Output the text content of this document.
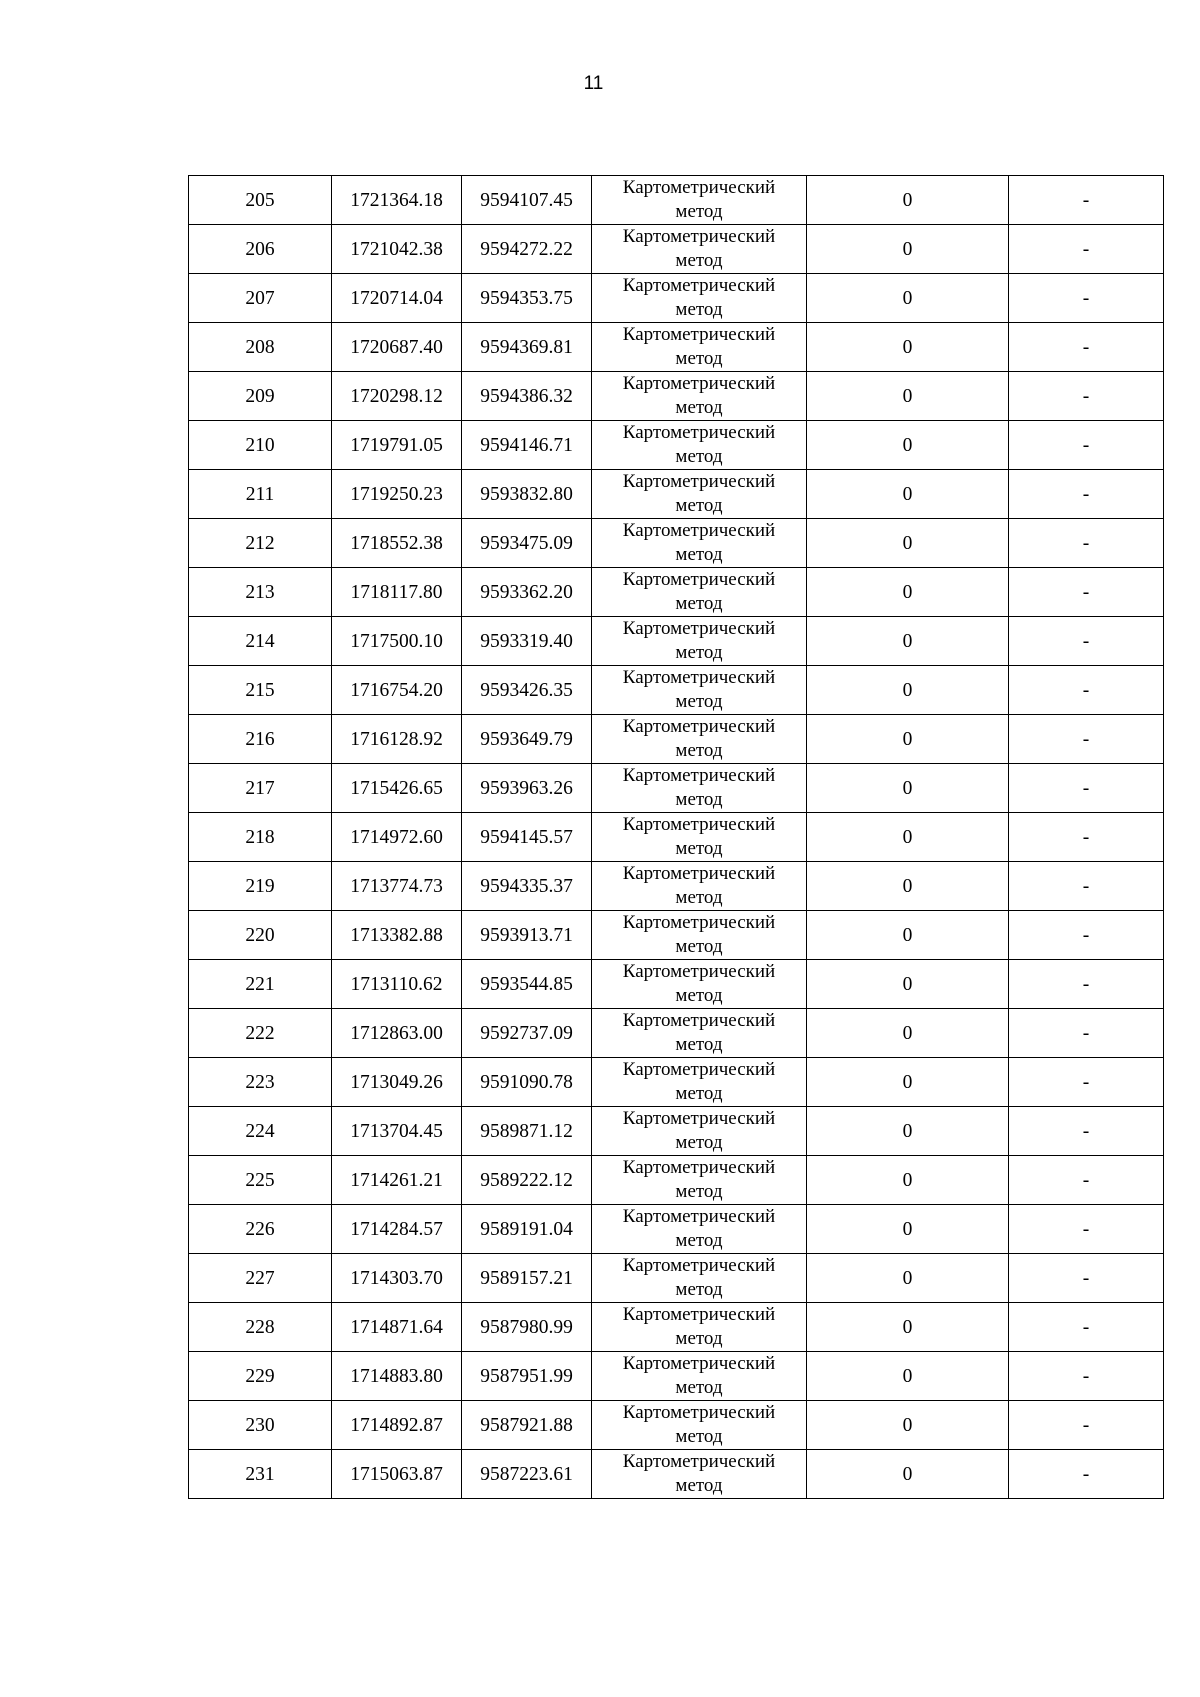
11
205	1721364.18	9594107.45	Картометрический
метод	0	-
206	1721042.38	9594272.22	Картометрический
метод	0	-
207	1720714.04	9594353.75	Картометрический
метод	0	-
208	1720687.40	9594369.81	Картометрический
метод	0	-
209	1720298.12	9594386.32	Картометрический
метод	0	-
210	1719791.05	9594146.71	Картометрический
метод	0	-
211	1719250.23	9593832.80	Картометрический
метод	0	-
212	1718552.38	9593475.09	Картометрический
метод	0	-
213	1718117.80	9593362.20	Картометрический
метод	0	-
214	1717500.10	9593319.40	Картометрический
метод	0	-
215	1716754.20	9593426.35	Картометрический
метод	0	-
216	1716128.92	9593649.79	Картометрический
метод	0	-
217	1715426.65	9593963.26	Картометрический
метод	0	-
218	1714972.60	9594145.57	Картометрический
метод	0	-
219	1713774.73	9594335.37	Картометрический
метод	0	-
220	1713382.88	9593913.71	Картометрический
метод	0	-
221	1713110.62	9593544.85	Картометрический
метод	0	-
222	1712863.00	9592737.09	Картометрический
метод	0	-
223	1713049.26	9591090.78	Картометрический
метод	0	-
224	1713704.45	9589871.12	Картометрический
метод	0	-
225	1714261.21	9589222.12	Картометрический
метод	0	-
226	1714284.57	9589191.04	Картометрический
метод	0	-
227	1714303.70	9589157.21	Картометрический
метод	0	-
228	1714871.64	9587980.99	Картометрический
метод	0	-
229	1714883.80	9587951.99	Картометрический
метод	0	-
230	1714892.87	9587921.88	Картометрический
метод	0	-
231	1715063.87	9587223.61	Картометрический
метод	0	-
